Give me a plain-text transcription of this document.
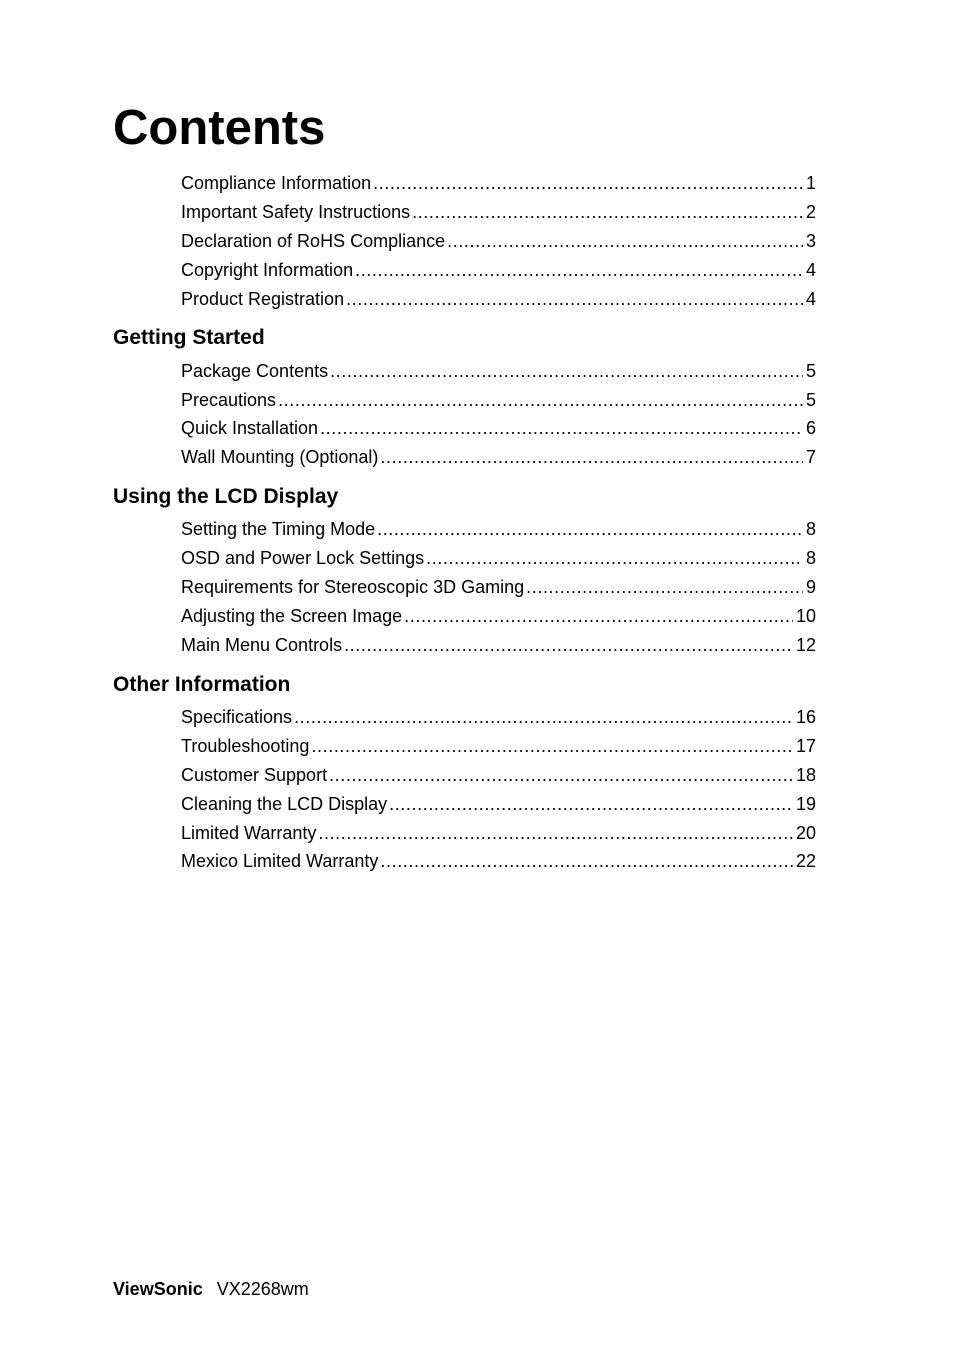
Contents
Compliance Information .....	1
Important Safety Instructions .....	2
Declaration of RoHS Compliance .....	3
Copyright Information .....	4
Product Registration .....	4
Getting Started
Package Contents .....	5
Precautions .....	5
Quick Installation .....	6
Wall Mounting (Optional) .....	7
Using the LCD Display
Setting the Timing Mode .....	8
OSD and Power Lock Settings .....	8
Requirements for Stereoscopic 3D Gaming .....	9
Adjusting the Screen Image .....	10
Main Menu Controls .....	12
Other Information
Specifications .....	16
Troubleshooting .....	17
Customer Support .....	18
Cleaning the LCD Display .....	19
Limited Warranty .....	20
Mexico Limited Warranty .....	22
ViewSonic VX2268wm
